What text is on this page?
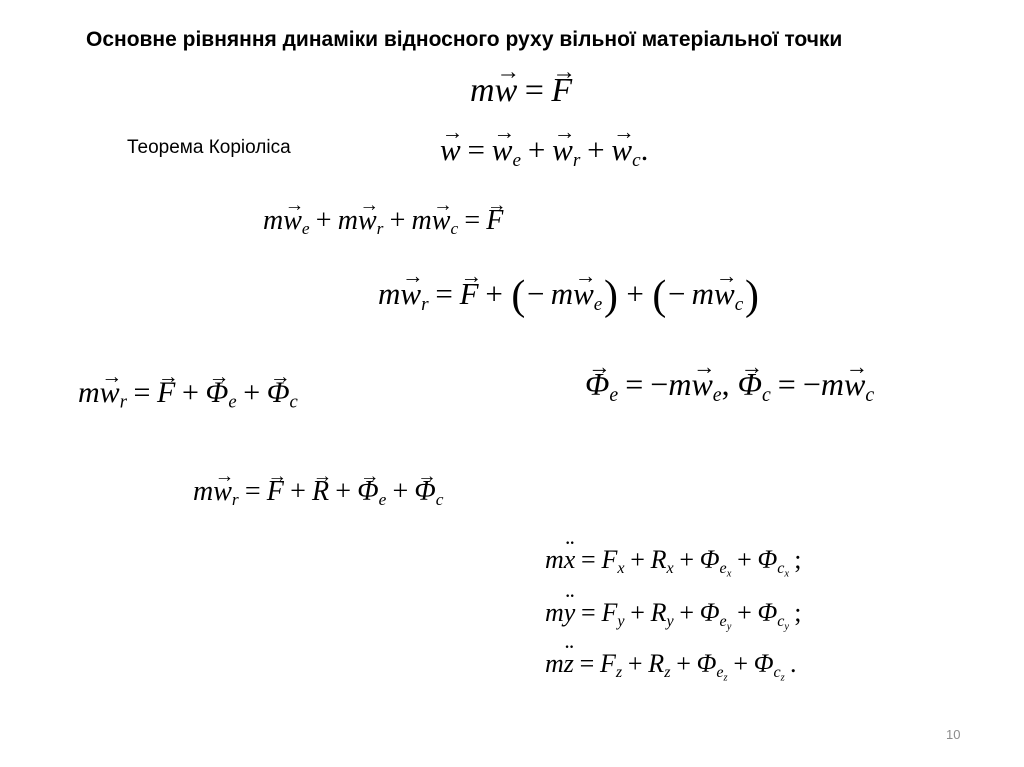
Основне рівняння динаміки відносного руху вільної матеріальної точки
Теорема Коріоліса
m→ w =→ F
→ $w =\to w_e +\to w_r +\to w_c$.
$m\to w_e + m\to w_r + m\to w_c =\to F$
$m\to w_r =\to F$ + (− $m\to w_e$) + (− $m\to w_c$)
$m\to w_r =\to F +\to \Phi_e +\to \Phi_c$
→ $\Phi_e = -m\to w_e$, → $\Phi_c = -m\to w_c$
$m\to w_r =\to F +\to R +\to \Phi_e +\to \Phi_c$
m¨ $x = F_x + R_x + \Phi_{e_x} + \Phi_{c_x}$ ;
m¨ $y = F_y + R_y + \Phi_{e_y} + \Phi_{c_y}$ ;
m¨ $z = F_z + R_z + \Phi_{e_z} + \Phi_{c_z}$ .
10
